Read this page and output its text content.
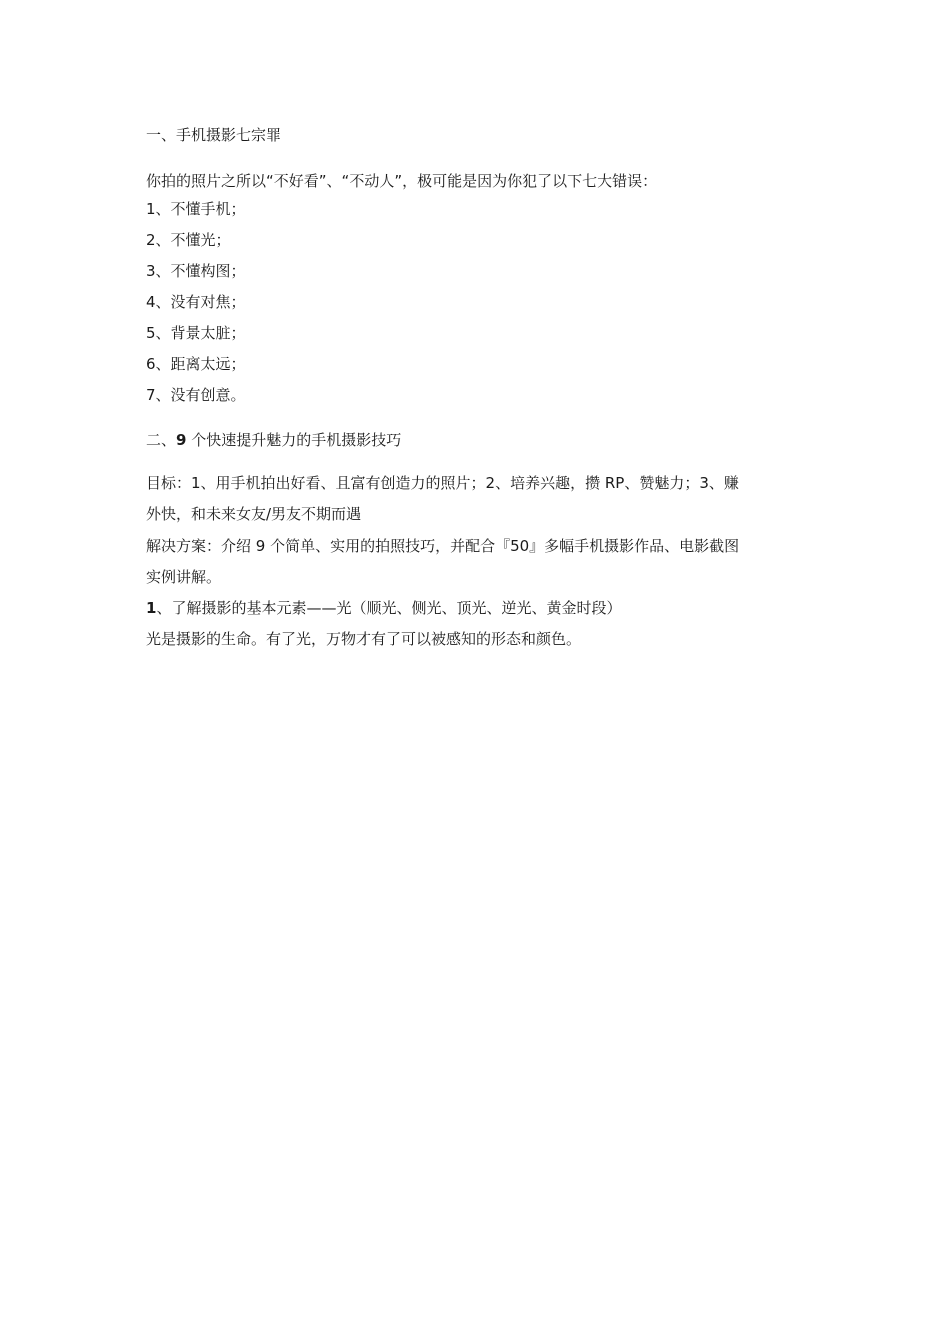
一、手机摄影七宗罪
你拍的照片之所以“不好看”、“不动人”，极可能是因为你犯了以下七大错误：
1、不懂手机；
2、不懂光；
3、不懂构图；
4、没有对焦；
5、背景太脏；
6、距离太远；
7、没有创意。
二、9 个快速提升魅力的手机摄影技巧
目标：1、用手机拍出好看、且富有创造力的照片；2、培养兴趣，攒 RP、赞魅力；3、赚
外快，和未来女友/男友不期而遇
解决方案：介绍 9 个简单、实用的拍照技巧，并配合『50』多幅手机摄影作品、电影截图
实例讲解。
1、了解摄影的基本元素——光（顺光、侧光、顶光、逆光、黄金时段）
光是摄影的生命。有了光，万物才有了可以被感知的形态和颜色。
